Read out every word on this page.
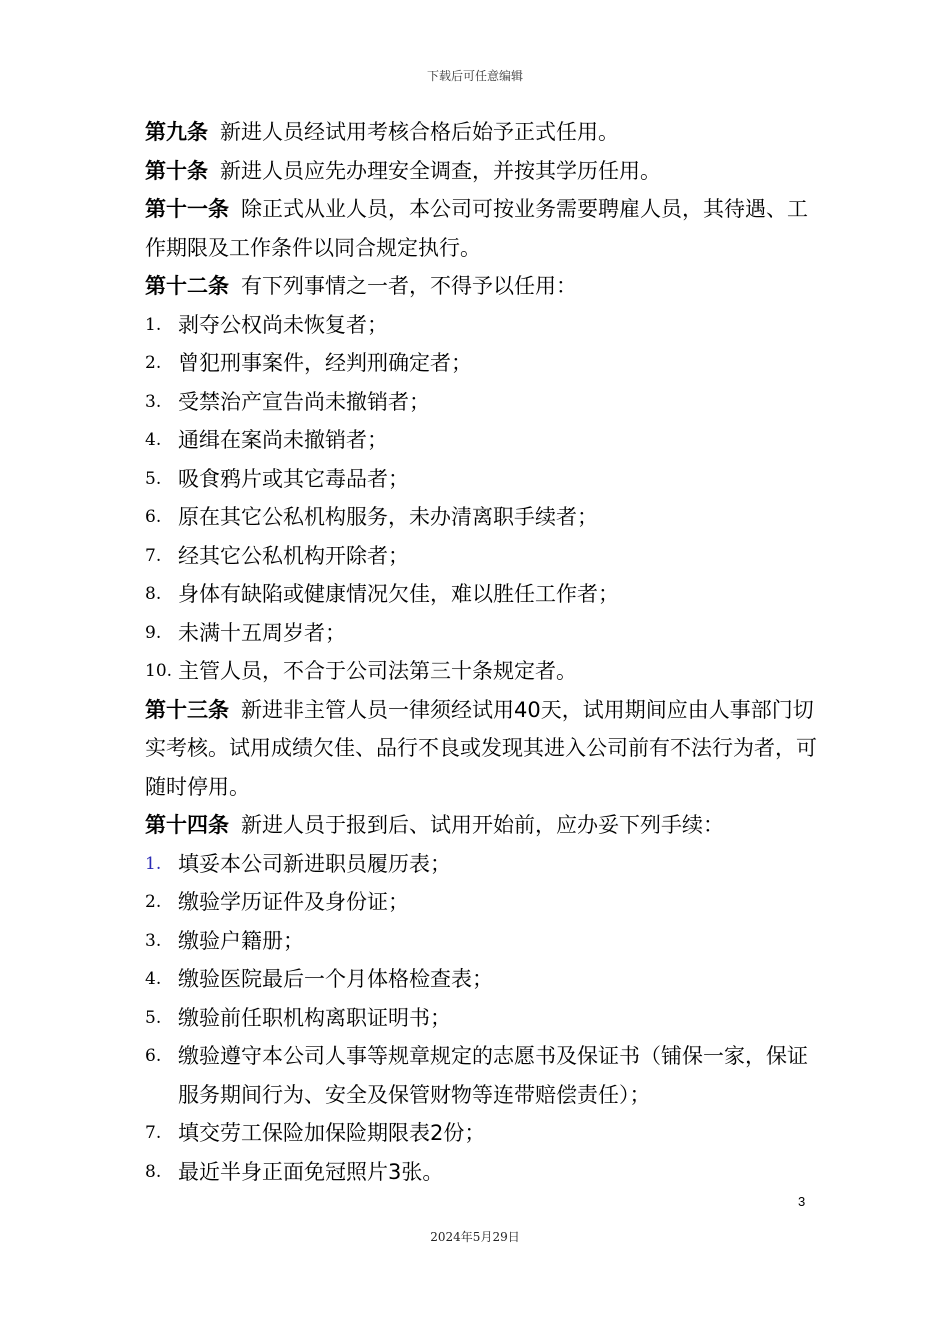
下载后可任意编辑

第九条 新进人员经试用考核合格后始予正式任用。

第十条 新进人员应先办理安全调查，并按其学历任用。

第十一条 除正式从业人员，本公司可按业务需要聘雇人员，其待遇、工作期限及工作条件以同合规定执行。

第十二条 有下列事情之一者，不得予以任用：

1. 剥夺公权尚未恢复者；
2. 曾犯刑事案件，经判刑确定者；
3. 受禁治产宣告尚未撤销者；
4. 通缉在案尚未撤销者；
5. 吸食鸦片或其它毒品者；
6. 原在其它公私机构服务，未办清离职手续者；
7. 经其它公私机构开除者；
8. 身体有缺陷或健康情况欠佳，难以胜任工作者；
9. 未满十五周岁者；
10. 主管人员，不合于公司法第三十条规定者。

第十三条 新进非主管人员一律须经试用40天，试用期间应由人事部门切实考核。试用成绩欠佳、品行不良或发现其进入公司前有不法行为者，可随时停用。

第十四条 新进人员于报到后、试用开始前，应办妥下列手续：

1. 填妥本公司新进职员履历表；
2. 缴验学历证件及身份证；
3. 缴验户籍册；
4. 缴验医院最后一个月体格检查表；
5. 缴验前任职机构离职证明书；
6. 缴验遵守本公司人事等规章规定的志愿书及保证书（铺保一家，保证服务期间行为、安全及保管财物等连带赔偿责任）；
7. 填交劳工保险加保险期限表2份；
8. 最近半身正面免冠照片3张。
3
2024年5月29日
